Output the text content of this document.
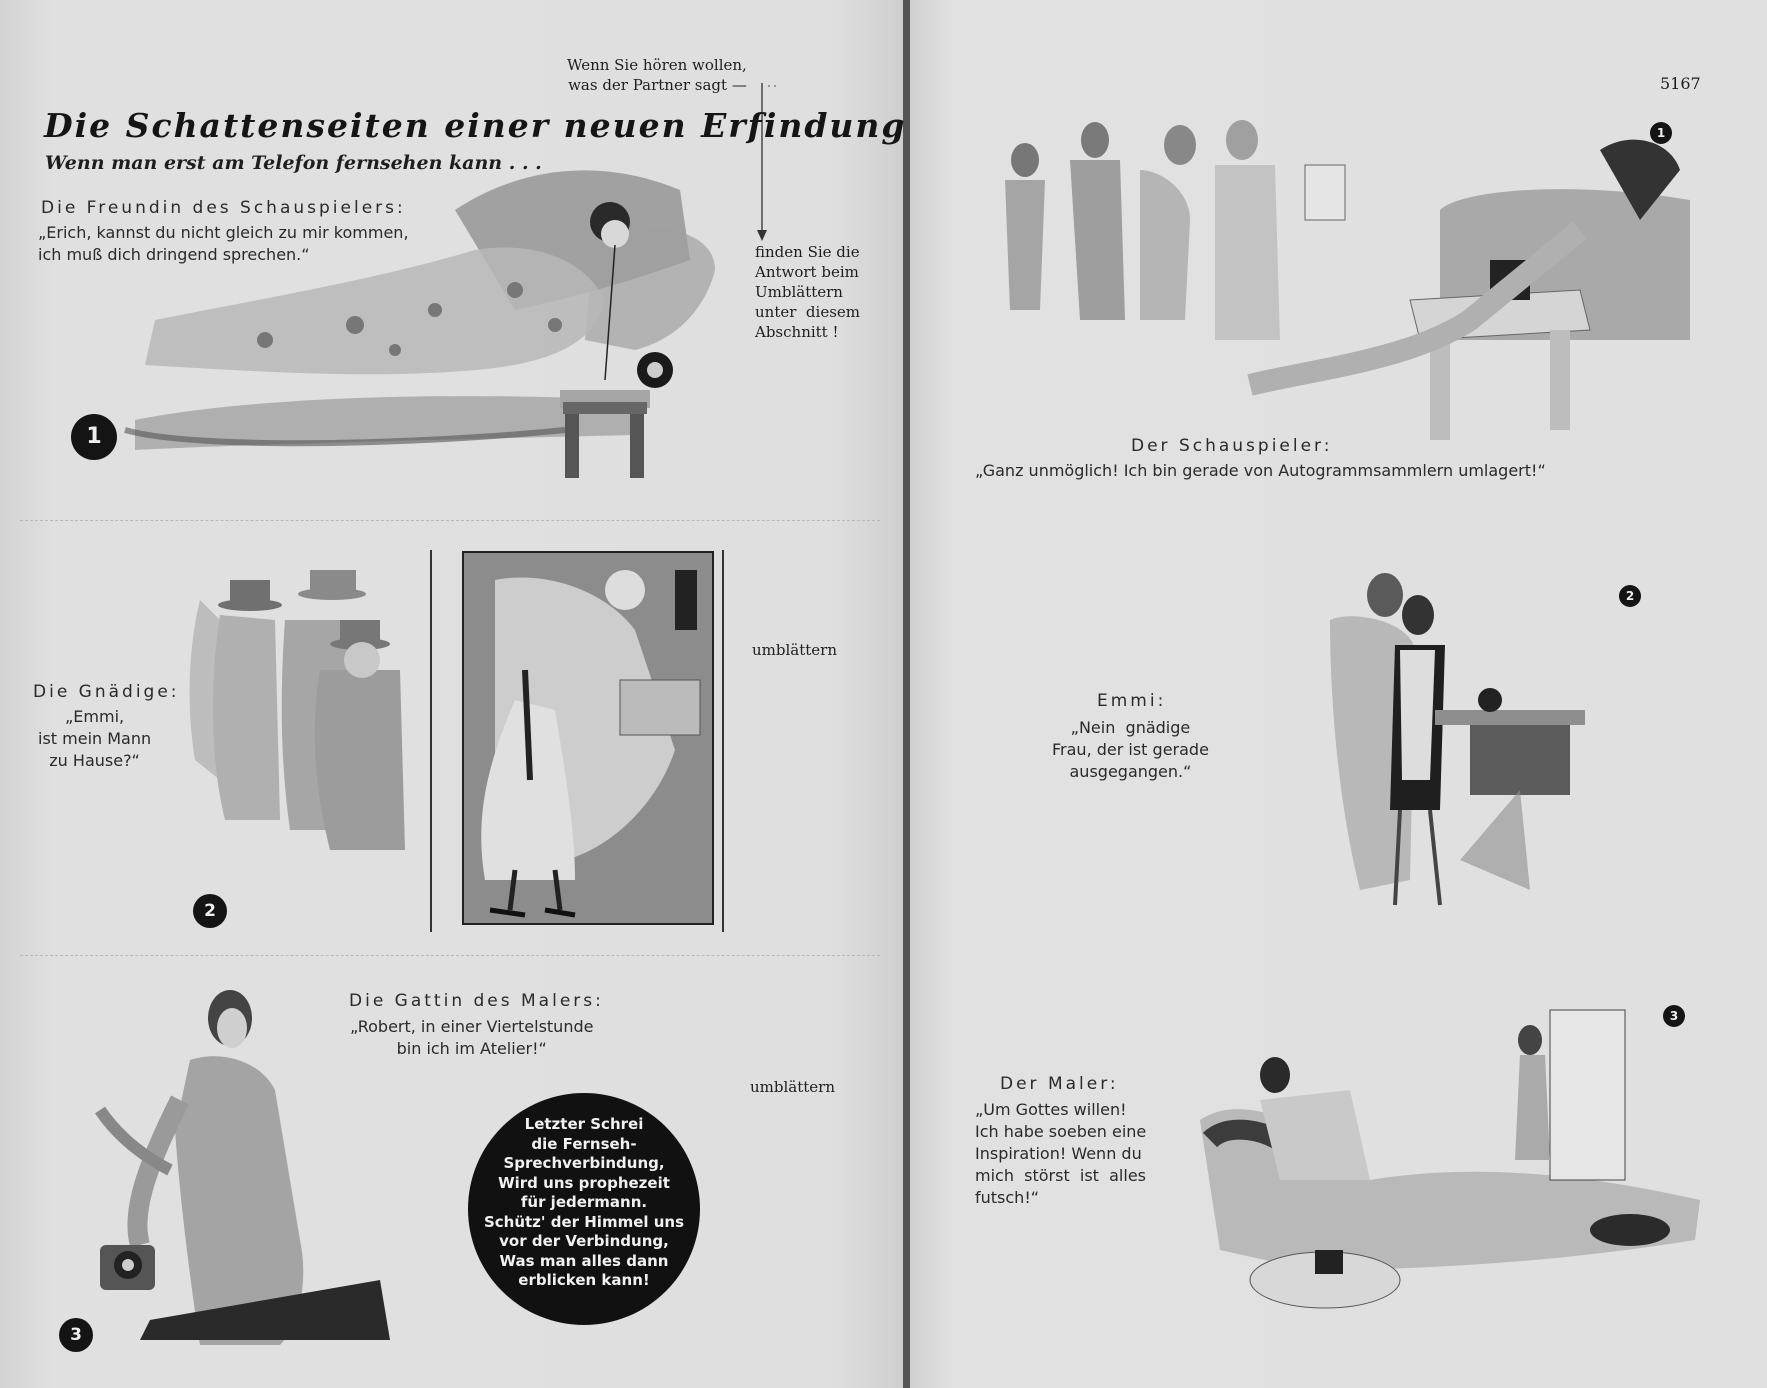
Wenn Sie hören wollen,
was der Partner sagt —
Die Schattenseiten einer neuen Erfindung
Wenn man erst am Telefon fernsehen kann . . .
finden Sie die
Antwort beim
Umblättern
unter  diesem
Abschnitt !
Die Freundin des Schauspielers:
„Erich, kannst du nicht gleich zu mir kommen,
ich muß dich dringend sprechen.“
1
Die Gnädige:
„Emmi,
ist mein Mann
zu Hause?“
umblättern
2
Die Gattin des Malers:
„Robert, in einer Viertelstunde
bin ich im Atelier!“
umblättern
3
Letzter Schrei
die Fernseh-
Sprechverbindung,
Wird uns prophezeit
für jedermann.
Schütz' der Himmel uns
vor der Verbindung,
Was man alles dann
erblicken kann!
5167
1
Der Schauspieler:
„Ganz unmöglich! Ich bin gerade von Autogrammsammlern umlagert!“
2
Emmi:
„Nein  gnädige
Frau, der ist gerade
ausgegangen.“
Der Maler:
„Um Gottes willen!
Ich habe soeben eine
Inspiration! Wenn du
mich  störst  ist  alles
futsch!“
3
